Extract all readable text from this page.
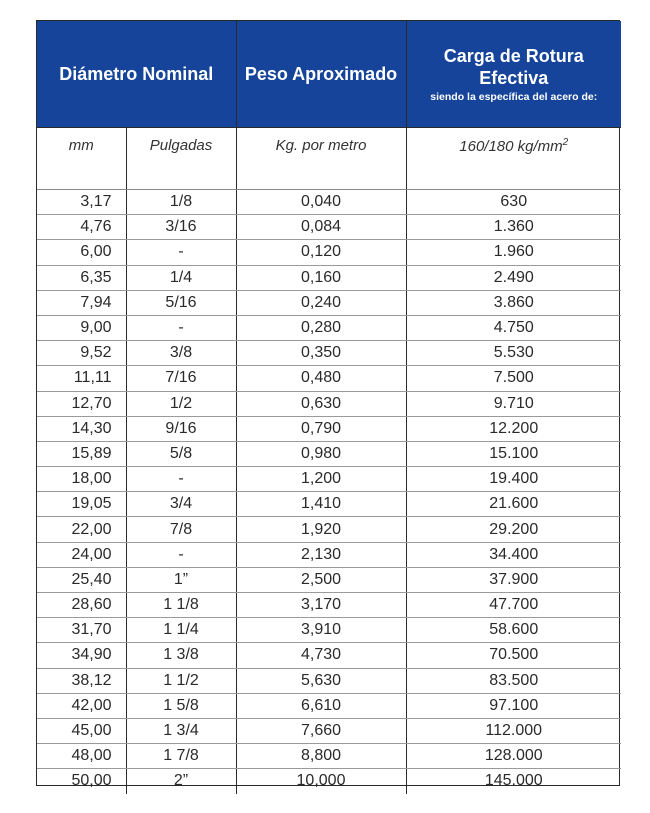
Diámetro Nominal		Peso Aproximado	Carga de Rotura Efectiva
siendo la específica del acero de:

mm	Pulgadas	Kg. por metro	160/180 $kg/mm^2$
3,17	1/8	0,040	630
4,76	3/16	0,084	1.360
6,00	-	0,120	1.960
6,35	1/4	0,160	2.490
7,94	5/16	0,240	3.860
9,00	-	0,280	4.750
9,52	3/8	0,350	5.530
11,11	7/16	0,480	7.500
12,70	1/2	0,630	9.710
14,30	9/16	0,790	12.200
15,89	5/8	0,980	15.100
18,00	-	1,200	19.400
19,05	3/4	1,410	21.600
22,00	7/8	1,920	29.200
24,00	-	2,130	34.400
25,40	1”	2,500	37.900
28,60	1 1/8	3,170	47.700
31,70	1 1/4	3,910	58.600
34,90	1 3/8	4,730	70.500
38,12	1 1/2	5,630	83.500
42,00	1 5/8	6,610	97.100
45,00	1 3/4	7,660	112.000
48,00	1 7/8	8,800	128.000
50,00	2”	10,000	145.000
